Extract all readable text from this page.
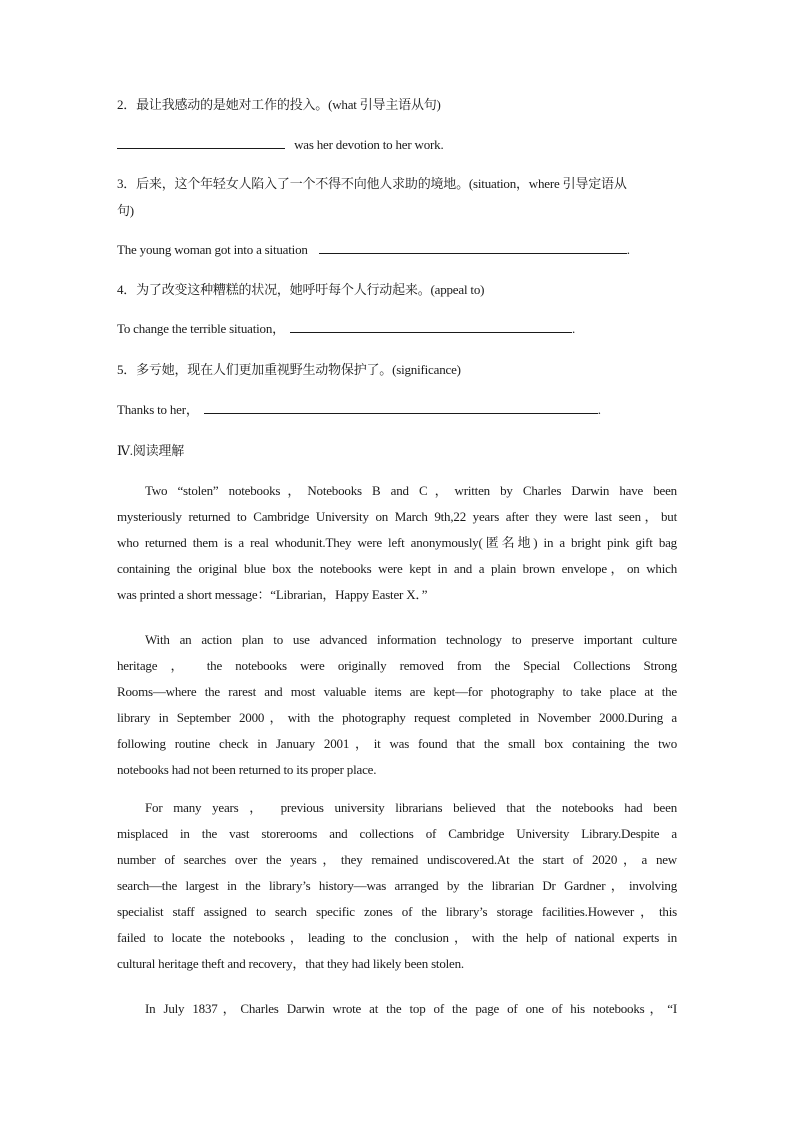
2．最让我感动的是她对工作的投入。(what 引导主语从句)
was her devotion to her work.
3．后来，这个年轻女人陷入了一个不得不向他人求助的境地。(situation，where 引导定语从
句)
The young woman got into a situation	.
4．为了改变这种糟糕的状况，她呼吁每个人行动起来。(appeal to)
To change the terrible situation，	.
5．多亏她，现在人们更加重视野生动物保护了。(significance)
Thanks to her，	.
Ⅳ.阅读理解
Two “stolen” notebooks，Notebooks B and C，written by Charles Darwin have been
mysteriously returned to Cambridge University on March 9th,22 years after they were last seen，but
who returned them is a real whodunit.They were left anonymously(匿名地) in a bright pink gift bag
containing the original blue box the notebooks were kept in and a plain brown envelope，on which
was printed a short message：“Librarian，Happy Easter X．”
With an action plan to use advanced information technology to preserve important culture
heritage ， the notebooks were originally removed from the Special Collections Strong
Rooms—where the rarest and most valuable items are kept—for photography to take place at the
library in September 2000，with the photography request completed in November 2000.During a
following routine check in January 2001，it was found that the small box containing the two
notebooks had not been returned to its proper place.
For many years ， previous university librarians believed that the notebooks had been
misplaced in the vast storerooms and collections of Cambridge University Library.Despite a
number of searches over the years，they remained undiscovered.At the start of 2020，a new
search—the largest in the library’s history—was arranged by the librarian Dr Gardner，involving
specialist staff assigned to search specific zones of the library’s storage facilities.However，this
failed to locate the notebooks，leading to the conclusion，with the help of national experts in
cultural heritage theft and recovery，that they had likely been stolen.
In July 1837，Charles Darwin wrote at the top of the page of one of his notebooks，“I
